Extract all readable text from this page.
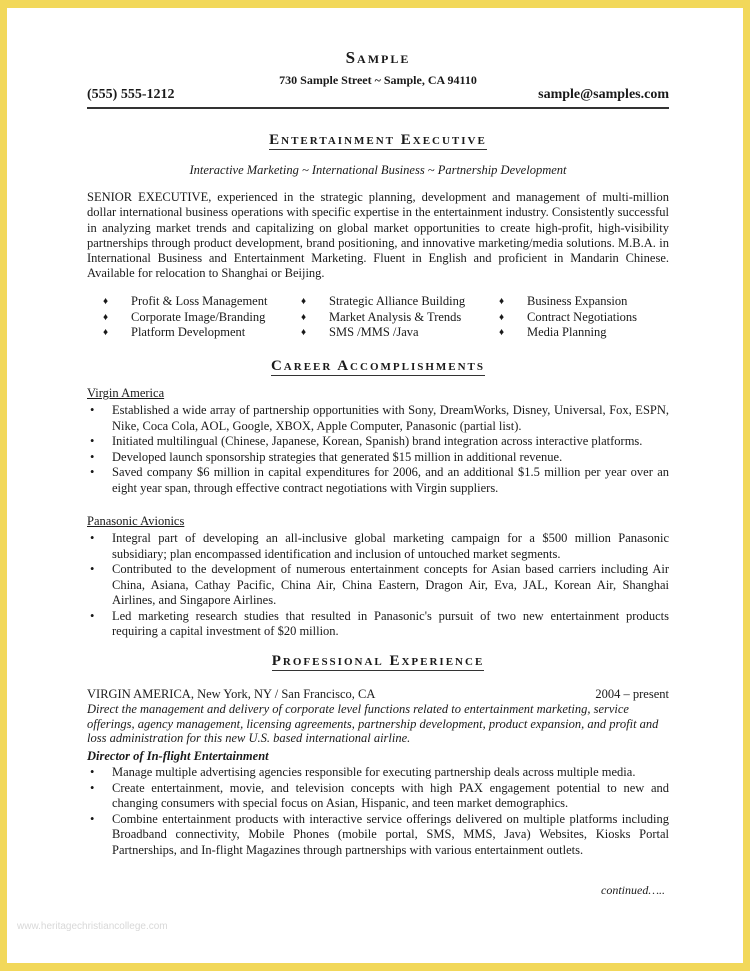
Sample
730 Sample Street ~ Sample, CA 94110
(555) 555-1212	sample@samples.com
Entertainment Executive
Interactive Marketing ~ International Business ~ Partnership Development
SENIOR EXECUTIVE, experienced in the strategic planning, development and management of multi-million dollar international business operations with specific expertise in the entertainment industry. Consistently successful in analyzing market trends and capitalizing on global market opportunities to create high-profit, high-visibility partnerships through product development, brand positioning, and innovative marketing/media solutions. M.B.A. in International Business and Entertainment Marketing. Fluent in English and proficient in Mandarin Chinese. Available for relocation to Shanghai or Beijing.
♦ Profit & Loss Management
♦ Corporate Image/Branding
♦ Platform Development
♦ Strategic Alliance Building
♦ Market Analysis & Trends
♦ SMS /MMS /Java
♦ Business Expansion
♦ Contract Negotiations
♦ Media Planning
Career Accomplishments
Virgin America
• Established a wide array of partnership opportunities with Sony, DreamWorks, Disney, Universal, Fox, ESPN, Nike, Coca Cola, AOL, Google, XBOX, Apple Computer, Panasonic (partial list).
• Initiated multilingual (Chinese, Japanese, Korean, Spanish) brand integration across interactive platforms.
• Developed launch sponsorship strategies that generated $15 million in additional revenue.
• Saved company $6 million in capital expenditures for 2006, and an additional $1.5 million per year over an eight year span, through effective contract negotiations with Virgin suppliers.
Panasonic Avionics
• Integral part of developing an all-inclusive global marketing campaign for a $500 million Panasonic subsidiary; plan encompassed identification and inclusion of untouched market segments.
• Contributed to the development of numerous entertainment concepts for Asian based carriers including Air China, Asiana, Cathay Pacific, China Air, China Eastern, Dragon Air, Eva, JAL, Korean Air, Shanghai Airlines, and Singapore Airlines.
• Led marketing research studies that resulted in Panasonic's pursuit of two new entertainment products requiring a capital investment of $20 million.
Professional Experience
VIRGIN AMERICA, New York, NY / San Francisco, CA	2004 – present
Direct the management and delivery of corporate level functions related to entertainment marketing, service offerings, agency management, licensing agreements, partnership development, product expansion, and profit and loss administration for this new U.S. based international airline.
Director of In-flight Entertainment
• Manage multiple advertising agencies responsible for executing partnership deals across multiple media.
• Create entertainment, movie, and television concepts with high PAX engagement potential to new and changing consumers with special focus on Asian, Hispanic, and teen market demographics.
• Combine entertainment products with interactive service offerings delivered on multiple platforms including Broadband connectivity, Mobile Phones (mobile portal, SMS, MMS, Java) Websites, Kiosks Portal Partnerships, and In-flight Magazines through partnerships with various entertainment outlets.
continued…..
www.heritagechristiancollege.com
